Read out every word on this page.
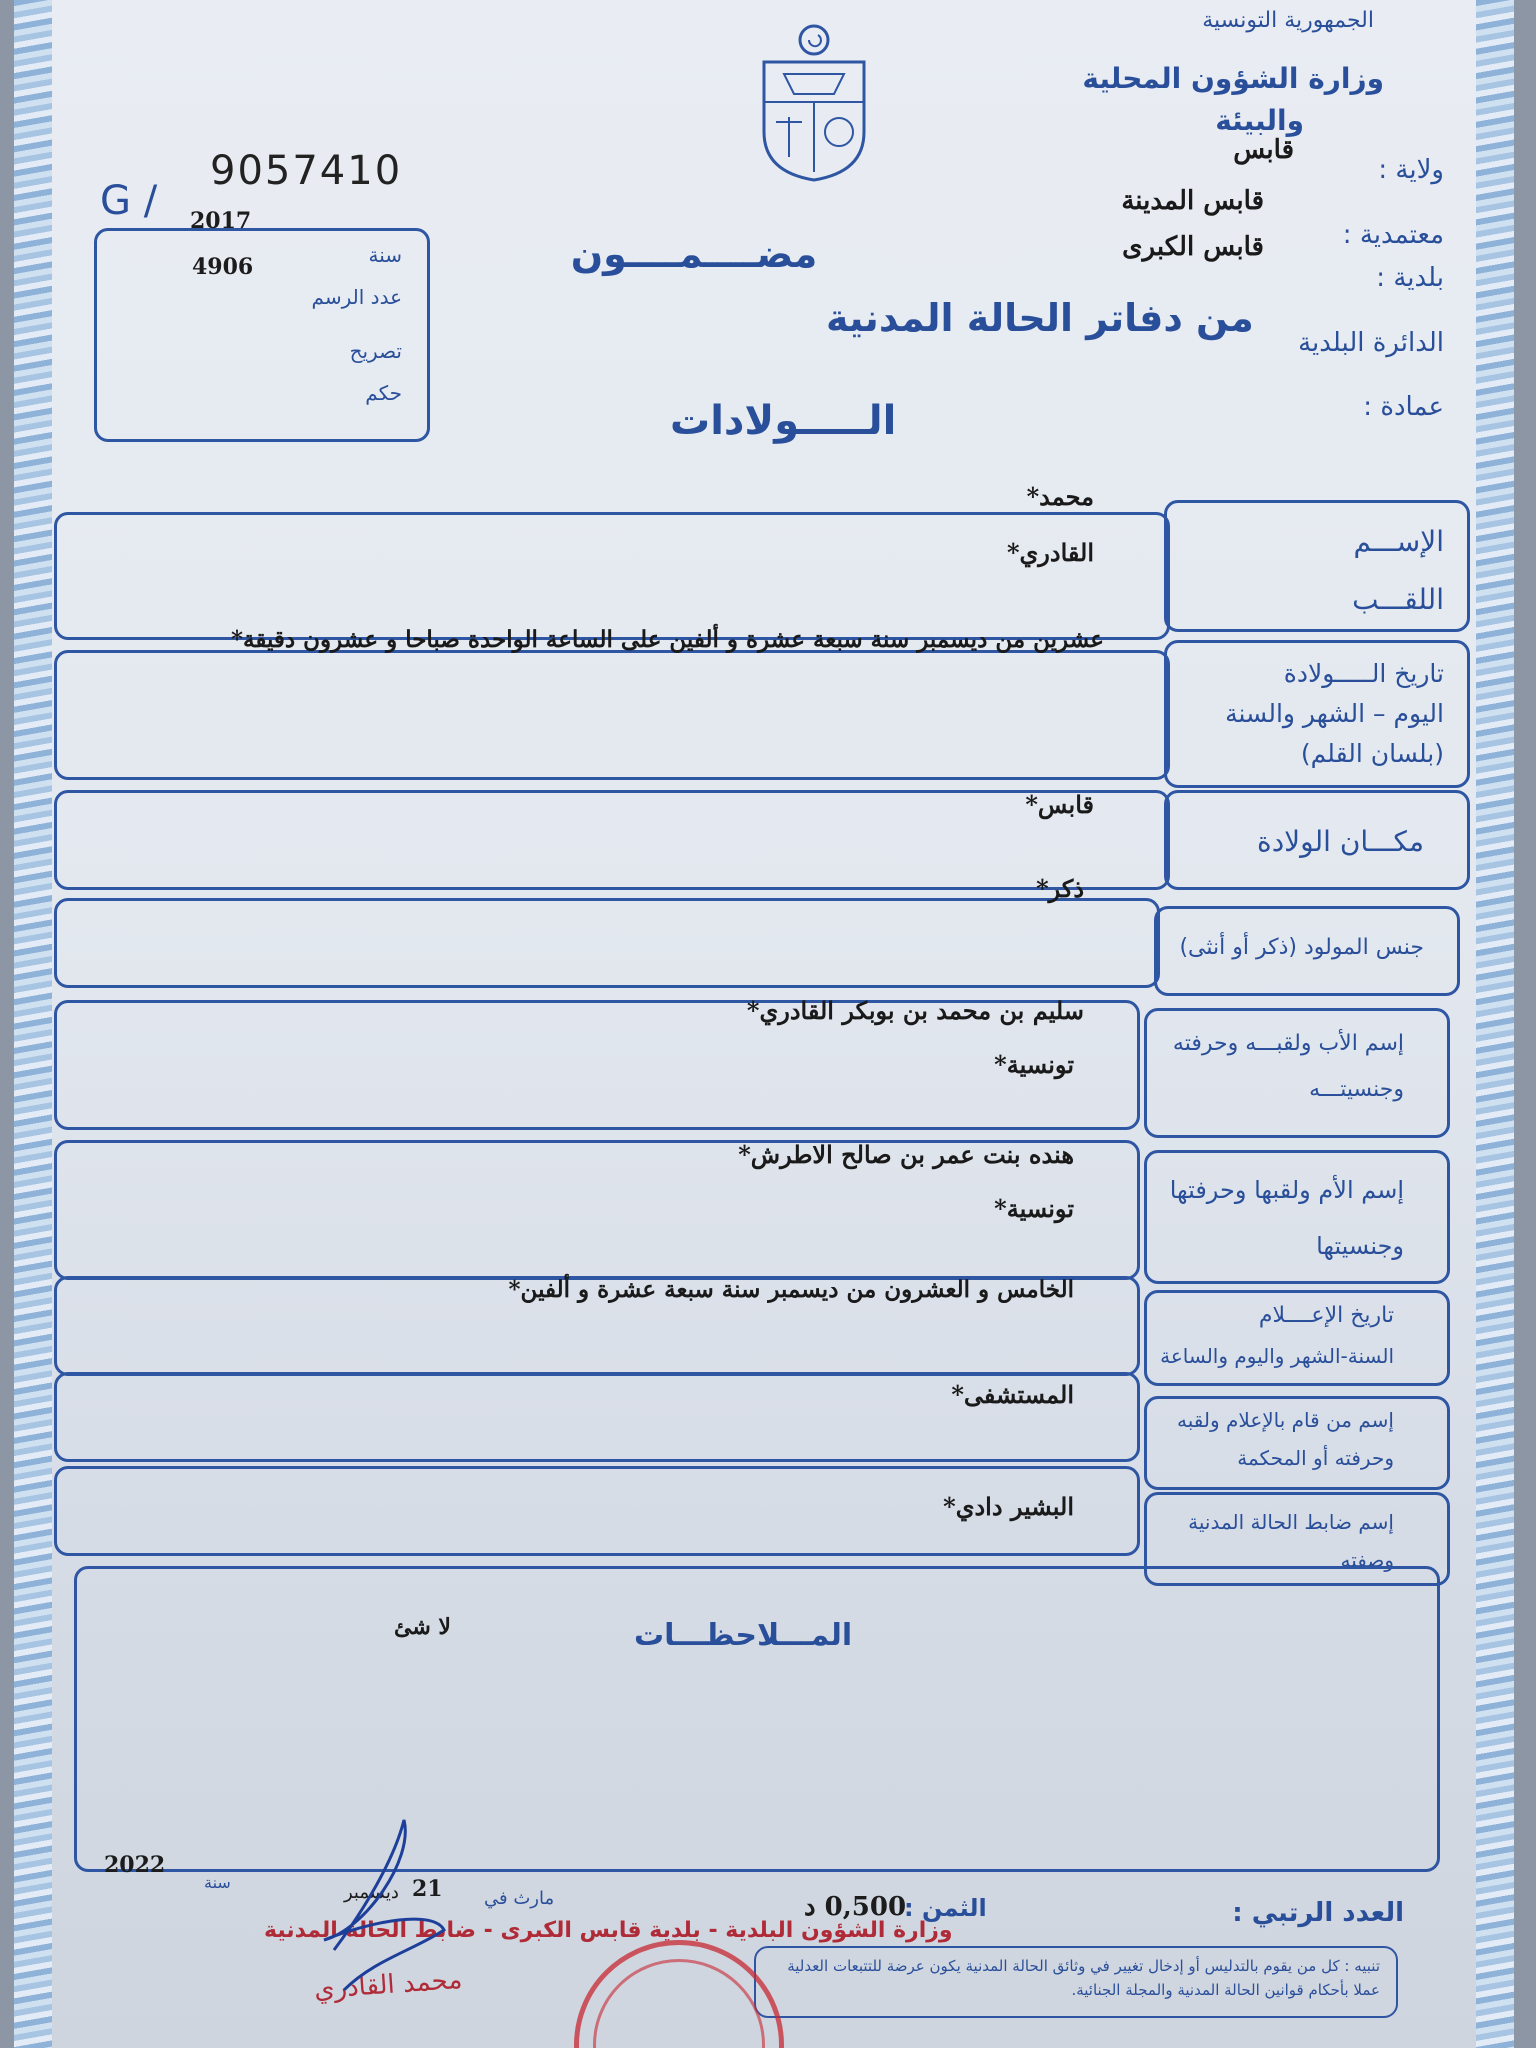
الجمهورية التونسية
وزارة الشؤون المحلية
والبيئة
ولاية :
قابس
معتمدية :
قابس المدينة
بلدية :
قابس الكبرى
الدائرة البلدية
عمادة :
G /
9057410
2017
سنة
4906
عدد الرسم
تصريح
حكم
مضــــمــــون
من دفاتر الحالة المدنية
الـــــولادات
الإســـم
اللقـــب
محمد*
القادري*
تاريخ الـــــولادة
اليوم – الشهر والسنة
(بلسان القلم)
عشرين من ديسمبر سنة سبعة عشرة و ألفين على الساعة الواحدة صباحا و عشرون دقيقة*
مكـــان الولادة
قابس*
جنس المولود (ذكر أو أنثى)
ذكر*
إسم الأب ولقبـــه وحرفته
وجنسيتـــه
سليم بن محمد بن بوبكر القادري*
تونسية*
إسم الأم ولقبها وحرفتها
وجنسيتها
هنده بنت عمر بن صالح الاطرش*
تونسية*
تاريخ الإعــــلام
السنة-الشهر واليوم والساعة
الخامس و العشرون من ديسمبر سنة سبعة عشرة و ألفين*
إسم من قام بالإعلام ولقبه
وحرفته أو المحكمة
المستشفى*
إسم ضابط الحالة المدنية
وصفته
البشير دادي*
المـــلاحظـــات
لا شئ
2022
سنة
مارث في
21
ديسمبر
الثمن :
0,500 د	العدد الرتبي :
تنبيه : كل من يقوم بالتدليس أو إدخال تغيير في وثائق الحالة المدنية يكون عرضة للتتبعات العدلية عملا بأحكام قوانين الحالة المدنية والمجلة الجنائية.
وزارة الشؤون البلدية - بلدية قابس الكبرى - ضابط الحالة المدنية
محمد القادري
